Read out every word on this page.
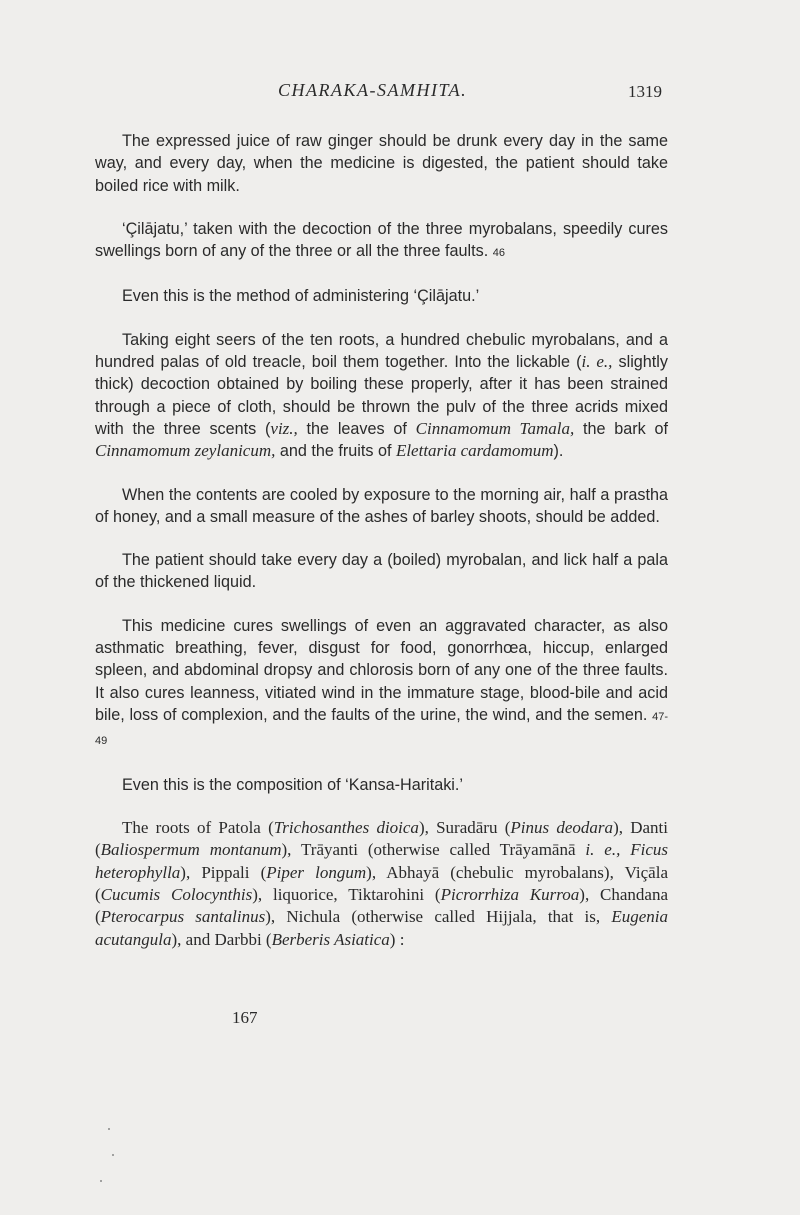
CHARAKA-SAMHITA.	1319

The expressed juice of raw ginger should be drunk every day in the same way, and every day, when the medicine is digested, the patient should take boiled rice with milk.

‘Çilājatu,’ taken with the decoction of the three myrobalans, speedily cures swellings born of any of the three or all the three faults. 46

Even this is the method of administering ‘Çilājatu.’

Taking eight seers of the ten roots, a hundred chebulic myrobalans, and a hundred palas of old treacle, boil them together. Into the lickable (i. e., slightly thick) decoction obtained by boiling these properly, after it has been strained through a piece of cloth, should be thrown the pulv of the three acrids mixed with the three scents (viz., the leaves of Cinnamomum Tamala, the bark of Cinnamomum zeylanicum, and the fruits of Elettaria cardamomum).

When the contents are cooled by exposure to the morning air, half a prastha of honey, and a small measure of the ashes of barley shoots, should be added.

The patient should take every day a (boiled) myrobalan, and lick half a pala of the thickened liquid.

This medicine cures swellings of even an aggravated character, as also asthmatic breathing, fever, disgust for food, gonorrhœa, hiccup, enlarged spleen, and abdominal dropsy and chlorosis born of any one of the three faults. It also cures leanness, vitiated wind in the immature stage, blood-bile and acid bile, loss of complexion, and the faults of the urine, the wind, and the semen. 47-49

Even this is the composition of ‘Kansa-Haritaki.’

The roots of Patola (Trichosanthes dioica), Suradāru (Pinus deodara), Danti (Baliospermum montanum), Trāyanti (otherwise called Trāyamānā i. e., Ficus heterophylla), Pippali (Piper longum), Abhayā (chebulic myrobalans), Viçāla (Cucumis Colocynthis), liquorice, Tiktarohini (Picrorrhiza Kurroa), Chandana (Pterocarpus santalinus), Nichula (otherwise called Hijjala, that is, Eugenia acutangula), and Darbbi (Berberis Asiatica) :

167
